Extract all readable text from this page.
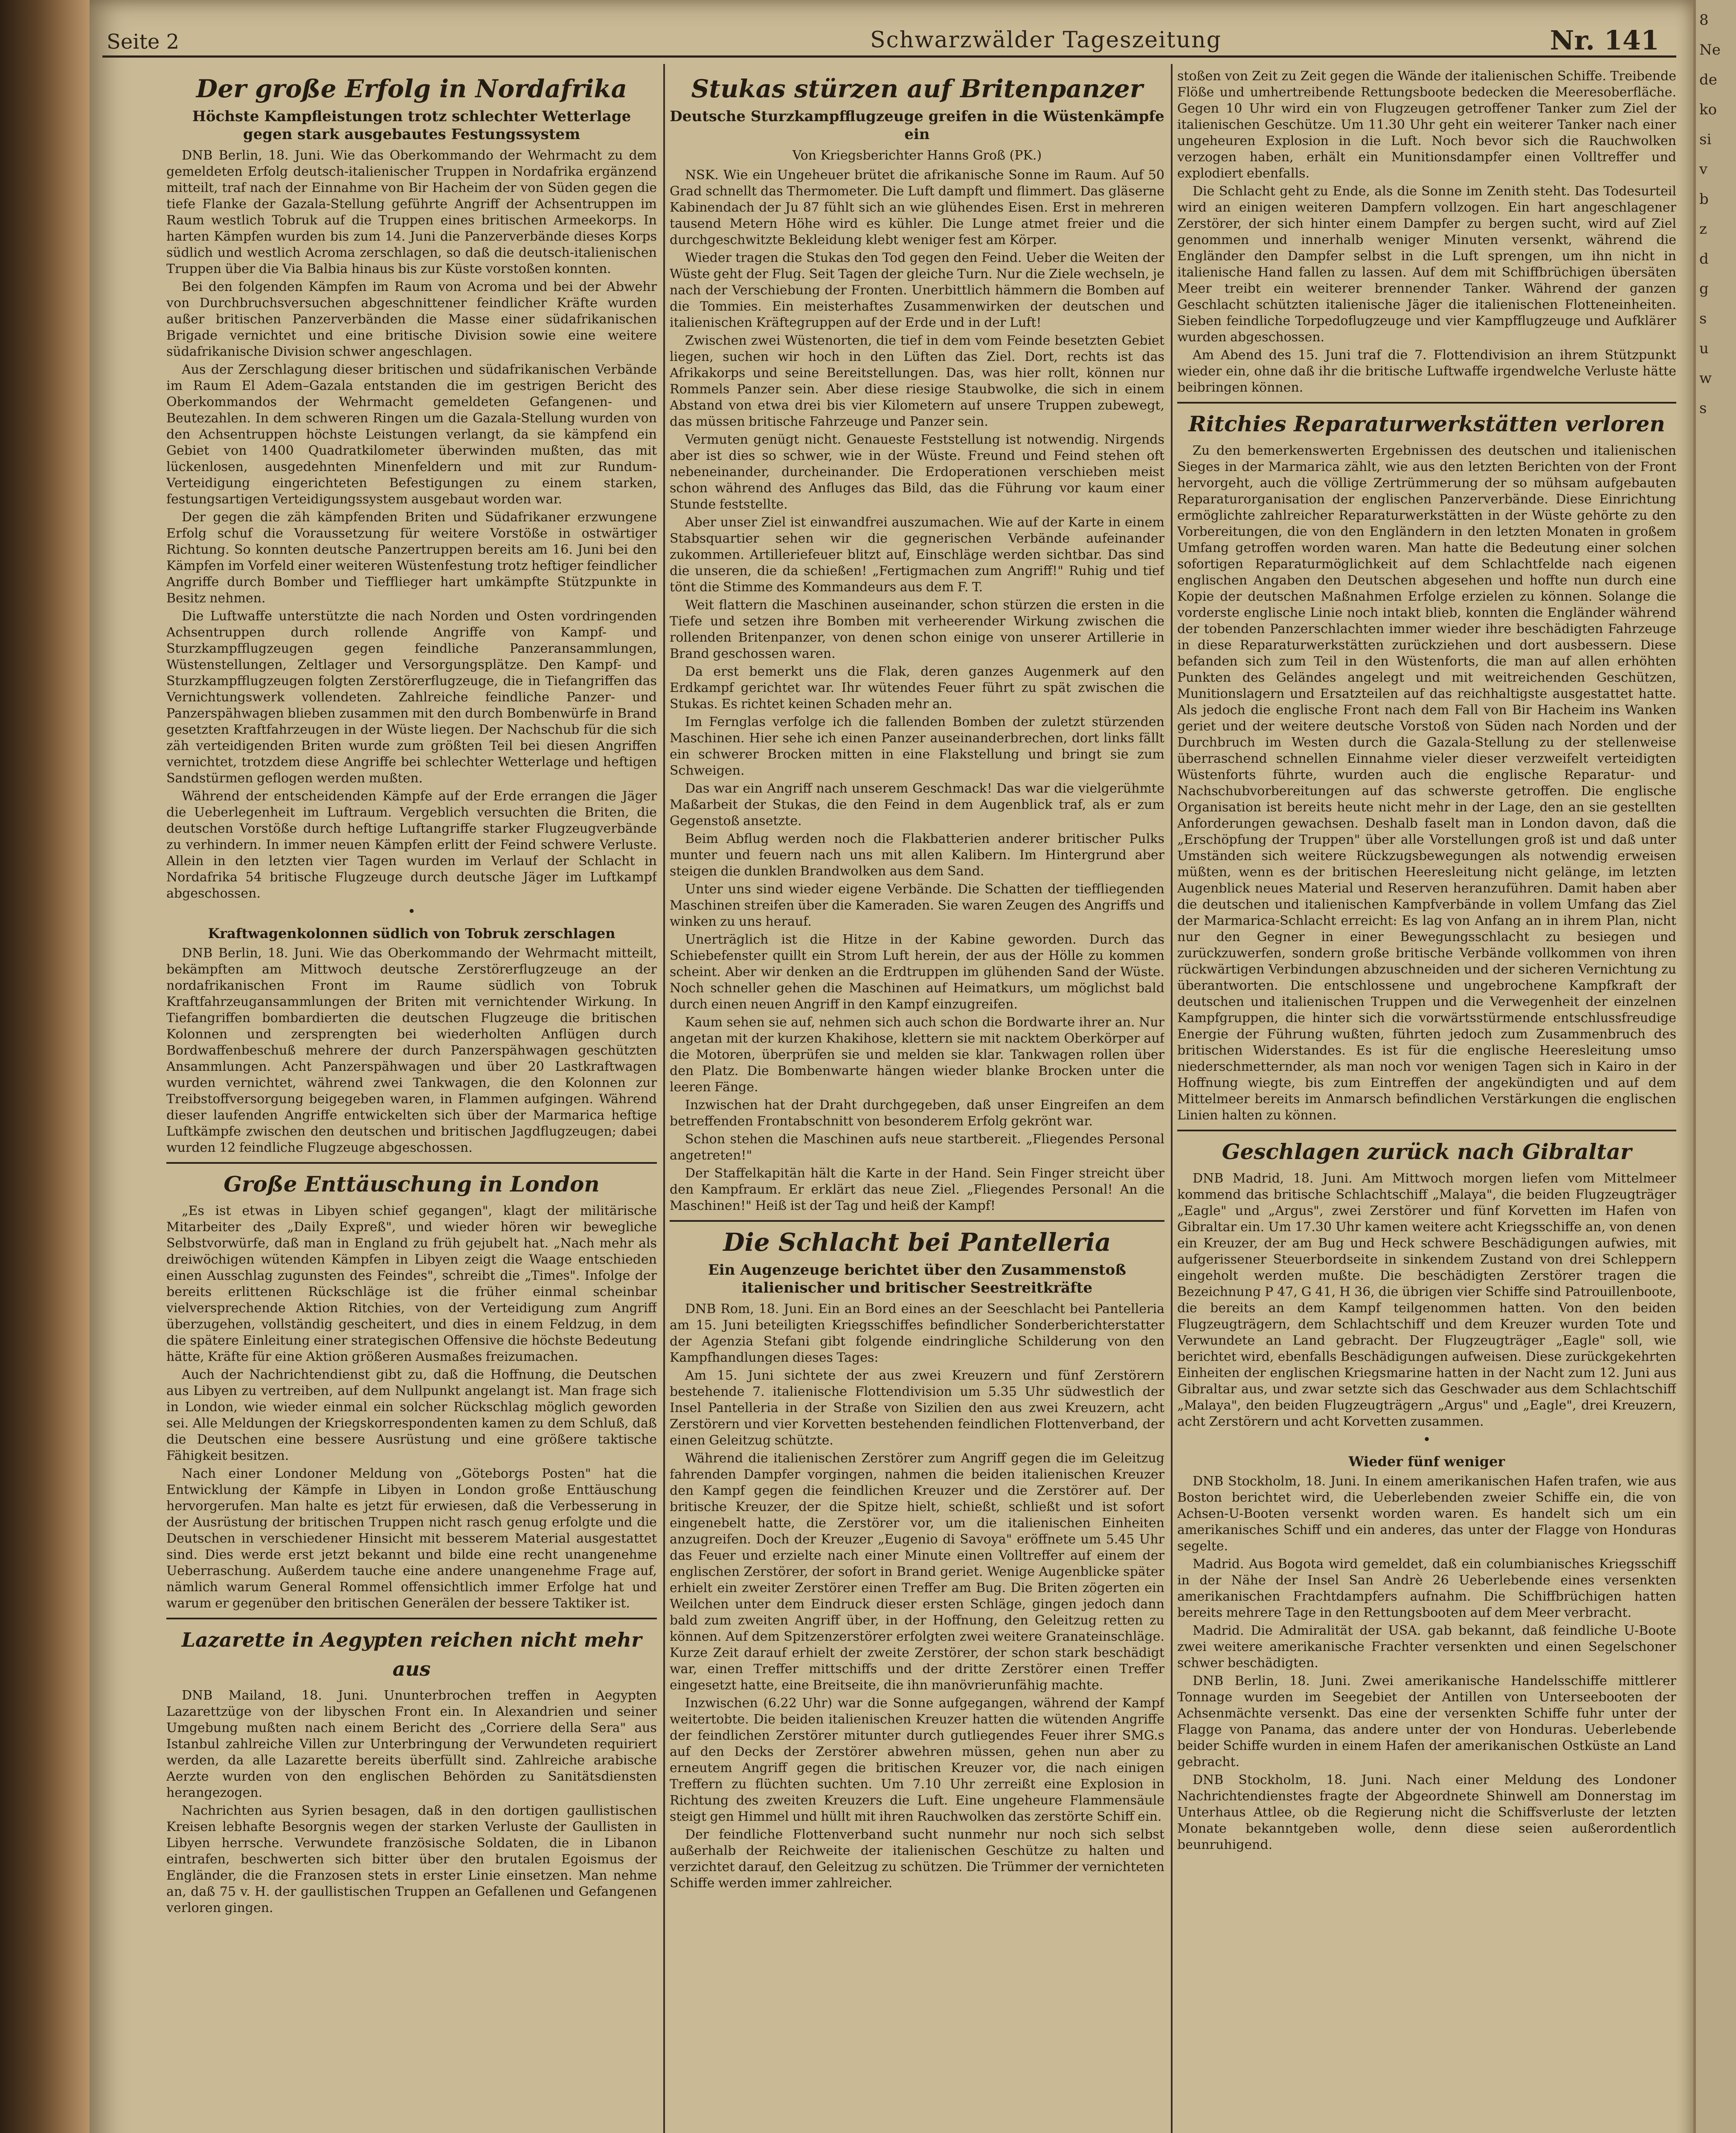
Seite 2	Schwarzwälder Tageszeitung	Nr. 141
Der große Erfolg in Nordafrika
Höchste Kampfleistungen trotz schlechter Wetterlage gegen stark ausgebautes Festungssystem

DNB Berlin, 18. Juni. Wie das Oberkommando der Wehrmacht zu dem gemeldeten Erfolg deutsch-italienischer Truppen in Nordafrika ergänzend mitteilt, traf nach der Einnahme von Bir Hacheim der von Süden gegen die tiefe Flanke der Gazala-Stellung geführte Angriff der Achsentruppen im Raum westlich Tobruk auf die Truppen eines britischen Armeekorps. In harten Kämpfen wurden bis zum 14. Juni die Panzerverbände dieses Korps südlich und westlich Acroma zerschlagen, so daß die deutsch-italienischen Truppen über die Via Balbia hinaus bis zur Küste vorstoßen konnten.

Bei den folgenden Kämpfen im Raum von Acroma und bei der Abwehr von Durchbruchsversuchen abgeschnittener feindlicher Kräfte wurden außer britischen Panzerverbänden die Masse einer südafrikanischen Brigade vernichtet und eine britische Division sowie eine weitere südafrikanische Division schwer angeschlagen.

Aus der Zerschlagung dieser britischen und südafrikanischen Verbände im Raum El Adem–Gazala entstanden die im gestrigen Bericht des Oberkommandos der Wehrmacht gemeldeten Gefangenen- und Beutezahlen. In dem schweren Ringen um die Gazala-Stellung wurden von den Achsentruppen höchste Leistungen verlangt, da sie kämpfend ein Gebiet von 1400 Quadratkilometer überwinden mußten, das mit lückenlosen, ausgedehnten Minenfeldern und mit zur Rundum-Verteidigung eingerichteten Befestigungen zu einem starken, festungsartigen Verteidigungssystem ausgebaut worden war.

Der gegen die zäh kämpfenden Briten und Südafrikaner erzwungene Erfolg schuf die Voraussetzung für weitere Vorstöße in ostwärtiger Richtung. So konnten deutsche Panzertruppen bereits am 16. Juni bei den Kämpfen im Vorfeld einer weiteren Wüstenfestung trotz heftiger feindlicher Angriffe durch Bomber und Tiefflieger hart umkämpfte Stützpunkte in Besitz nehmen.

Die Luftwaffe unterstützte die nach Norden und Osten vordringenden Achsentruppen durch rollende Angriffe von Kampf- und Sturzkampfflugzeugen gegen feindliche Panzeransammlungen, Wüstenstellungen, Zeltlager und Versorgungsplätze. Den Kampf- und Sturzkampfflugzeugen folgten Zerstörerflugzeuge, die in Tiefangriffen das Vernichtungswerk vollendeten. Zahlreiche feindliche Panzer- und Panzerspähwagen blieben zusammen mit den durch Bombenwürfe in Brand gesetzten Kraftfahrzeugen in der Wüste liegen. Der Nachschub für die sich zäh verteidigenden Briten wurde zum größten Teil bei diesen Angriffen vernichtet, trotzdem diese Angriffe bei schlechter Wetterlage und heftigen Sandstürmen geflogen werden mußten.

Während der entscheidenden Kämpfe auf der Erde errangen die Jäger die Ueberlegenheit im Luftraum. Vergeblich versuchten die Briten, die deutschen Vorstöße durch heftige Luftangriffe starker Flugzeugverbände zu verhindern. In immer neuen Kämpfen erlitt der Feind schwere Verluste. Allein in den letzten vier Tagen wurden im Verlauf der Schlacht in Nordafrika 54 britische Flugzeuge durch deutsche Jäger im Luftkampf abgeschossen.

•
Kraftwagenkolonnen südlich von Tobruk zerschlagen

DNB Berlin, 18. Juni. Wie das Oberkommando der Wehrmacht mitteilt, bekämpften am Mittwoch deutsche Zerstörerflugzeuge an der nordafrikanischen Front im Raume südlich von Tobruk Kraftfahrzeugansammlungen der Briten mit vernichtender Wirkung. In Tiefangriffen bombardierten die deutschen Flugzeuge die britischen Kolonnen und zersprengten bei wiederholten Anflügen durch Bordwaffenbeschuß mehrere der durch Panzerspähwagen geschützten Ansammlungen. Acht Panzerspähwagen und über 20 Lastkraftwagen wurden vernichtet, während zwei Tankwagen, die den Kolonnen zur Treibstoffversorgung beigegeben waren, in Flammen aufgingen. Während dieser laufenden Angriffe entwickelten sich über der Marmarica heftige Luftkämpfe zwischen den deutschen und britischen Jagdflugzeugen; dabei wurden 12 feindliche Flugzeuge abgeschossen.

Große Enttäuschung in London

„Es ist etwas in Libyen schief gegangen", klagt der militärische Mitarbeiter des „Daily Expreß", und wieder hören wir bewegliche Selbstvorwürfe, daß man in England zu früh gejubelt hat. „Nach mehr als dreiwöchigen wütenden Kämpfen in Libyen zeigt die Waage entschieden einen Ausschlag zugunsten des Feindes", schreibt die „Times". Infolge der bereits erlittenen Rückschläge ist die früher einmal scheinbar vielversprechende Aktion Ritchies, von der Verteidigung zum Angriff überzugehen, vollständig gescheitert, und dies in einem Feldzug, in dem die spätere Einleitung einer strategischen Offensive die höchste Bedeutung hätte, Kräfte für eine Aktion größeren Ausmaßes freizumachen.

Auch der Nachrichtendienst gibt zu, daß die Hoffnung, die Deutschen aus Libyen zu vertreiben, auf dem Nullpunkt angelangt ist. Man frage sich in London, wie wieder einmal ein solcher Rückschlag möglich geworden sei. Alle Meldungen der Kriegskorrespondenten kamen zu dem Schluß, daß die Deutschen eine bessere Ausrüstung und eine größere taktische Fähigkeit besitzen.

Nach einer Londoner Meldung von „Göteborgs Posten" hat die Entwicklung der Kämpfe in Libyen in London große Enttäuschung hervorgerufen. Man halte es jetzt für erwiesen, daß die Verbesserung in der Ausrüstung der britischen Truppen nicht rasch genug erfolgte und die Deutschen in verschiedener Hinsicht mit besserem Material ausgestattet sind. Dies werde erst jetzt bekannt und bilde eine recht unangenehme Ueberraschung. Außerdem tauche eine andere unangenehme Frage auf, nämlich warum General Rommel offensichtlich immer Erfolge hat und warum er gegenüber den britischen Generälen der bessere Taktiker ist.

Lazarette in Aegypten reichen nicht mehr aus

DNB Mailand, 18. Juni. Ununterbrochen treffen in Aegypten Lazarettzüge von der libyschen Front ein. In Alexandrien und seiner Umgebung mußten nach einem Bericht des „Corriere della Sera" aus Istanbul zahlreiche Villen zur Unterbringung der Verwundeten requiriert werden, da alle Lazarette bereits überfüllt sind. Zahlreiche arabische Aerzte wurden von den englischen Behörden zu Sanitätsdiensten herangezogen.

Nachrichten aus Syrien besagen, daß in den dortigen gaullistischen Kreisen lebhafte Besorgnis wegen der starken Verluste der Gaullisten in Libyen herrsche. Verwundete französische Soldaten, die in Libanon eintrafen, beschwerten sich bitter über den brutalen Egoismus der Engländer, die die Franzosen stets in erster Linie einsetzen. Man nehme an, daß 75 v. H. der gaullistischen Truppen an Gefallenen und Gefangenen verloren gingen.

Stukas stürzen auf Britenpanzer
Deutsche Sturzkampfflugzeuge greifen in die Wüstenkämpfe ein
Von Kriegsberichter Hanns Groß (PK.)

NSK. Wie ein Ungeheuer brütet die afrikanische Sonne im Raum. Auf 50 Grad schnellt das Thermometer. Die Luft dampft und flimmert. Das gläserne Kabinendach der Ju 87 fühlt sich an wie glühendes Eisen. Erst in mehreren tausend Metern Höhe wird es kühler. Die Lunge atmet freier und die durchgeschwitzte Bekleidung klebt weniger fest am Körper.

Wieder tragen die Stukas den Tod gegen den Feind. Ueber die Weiten der Wüste geht der Flug. Seit Tagen der gleiche Turn. Nur die Ziele wechseln, je nach der Verschiebung der Fronten. Unerbittlich hämmern die Bomben auf die Tommies. Ein meisterhaftes Zusammenwirken der deutschen und italienischen Kräftegruppen auf der Erde und in der Luft!

Zwischen zwei Wüstenorten, die tief in dem vom Feinde besetzten Gebiet liegen, suchen wir hoch in den Lüften das Ziel. Dort, rechts ist das Afrikakorps und seine Bereitstellungen. Das, was hier rollt, können nur Rommels Panzer sein. Aber diese riesige Staubwolke, die sich in einem Abstand von etwa drei bis vier Kilometern auf unsere Truppen zubewegt, das müssen britische Fahrzeuge und Panzer sein.

Vermuten genügt nicht. Genaueste Feststellung ist notwendig. Nirgends aber ist dies so schwer, wie in der Wüste. Freund und Feind stehen oft nebeneinander, durcheinander. Die Erdoperationen verschieben meist schon während des Anfluges das Bild, das die Führung vor kaum einer Stunde feststellte.

Aber unser Ziel ist einwandfrei auszumachen. Wie auf der Karte in einem Stabsquartier sehen wir die gegnerischen Verbände aufeinander zukommen. Artilleriefeuer blitzt auf, Einschläge werden sichtbar. Das sind die unseren, die da schießen! „Fertigmachen zum Angriff!" Ruhig und tief tönt die Stimme des Kommandeurs aus dem F. T.

Weit flattern die Maschinen auseinander, schon stürzen die ersten in die Tiefe und setzen ihre Bomben mit verheerender Wirkung zwischen die rollenden Britenpanzer, von denen schon einige von unserer Artillerie in Brand geschossen waren.

Da erst bemerkt uns die Flak, deren ganzes Augenmerk auf den Erdkampf gerichtet war. Ihr wütendes Feuer führt zu spät zwischen die Stukas. Es richtet keinen Schaden mehr an.

Im Fernglas verfolge ich die fallenden Bomben der zuletzt stürzenden Maschinen. Hier sehe ich einen Panzer auseinanderbrechen, dort links fällt ein schwerer Brocken mitten in eine Flakstellung und bringt sie zum Schweigen.

Das war ein Angriff nach unserem Geschmack! Das war die vielgerühmte Maßarbeit der Stukas, die den Feind in dem Augenblick traf, als er zum Gegenstoß ansetzte.

Beim Abflug werden noch die Flakbatterien anderer britischer Pulks munter und feuern nach uns mit allen Kalibern. Im Hintergrund aber steigen die dunklen Brandwolken aus dem Sand.

Unter uns sind wieder eigene Verbände. Die Schatten der tieffliegenden Maschinen streifen über die Kameraden. Sie waren Zeugen des Angriffs und winken zu uns herauf.

Unerträglich ist die Hitze in der Kabine geworden. Durch das Schiebefenster quillt ein Strom Luft herein, der aus der Hölle zu kommen scheint. Aber wir denken an die Erdtruppen im glühenden Sand der Wüste. Noch schneller gehen die Maschinen auf Heimatkurs, um möglichst bald durch einen neuen Angriff in den Kampf einzugreifen.

Kaum sehen sie auf, nehmen sich auch schon die Bordwarte ihrer an. Nur angetan mit der kurzen Khakihose, klettern sie mit nacktem Oberkörper auf die Motoren, überprüfen sie und melden sie klar. Tankwagen rollen über den Platz. Die Bombenwarte hängen wieder blanke Brocken unter die leeren Fänge.

Inzwischen hat der Draht durchgegeben, daß unser Eingreifen an dem betreffenden Frontabschnitt von besonderem Erfolg gekrönt war.

Schon stehen die Maschinen aufs neue startbereit. „Fliegendes Personal angetreten!"

Der Staffelkapitän hält die Karte in der Hand. Sein Finger streicht über den Kampfraum. Er erklärt das neue Ziel. „Fliegendes Personal! An die Maschinen!" Heiß ist der Tag und heiß der Kampf!

Die Schlacht bei Pantelleria
Ein Augenzeuge berichtet über den Zusammenstoß italienischer und britischer Seestreitkräfte

DNB Rom, 18. Juni. Ein an Bord eines an der Seeschlacht bei Pantelleria am 15. Juni beteiligten Kriegsschiffes befindlicher Sonderberichterstatter der Agenzia Stefani gibt folgende eindringliche Schilderung von den Kampfhandlungen dieses Tages:

Am 15. Juni sichtete der aus zwei Kreuzern und fünf Zerstörern bestehende 7. italienische Flottendivision um 5.35 Uhr südwestlich der Insel Pantelleria in der Straße von Sizilien den aus zwei Kreuzern, acht Zerstörern und vier Korvetten bestehenden feindlichen Flottenverband, der einen Geleitzug schützte.

Während die italienischen Zerstörer zum Angriff gegen die im Geleitzug fahrenden Dampfer vorgingen, nahmen die beiden italienischen Kreuzer den Kampf gegen die feindlichen Kreuzer und die Zerstörer auf. Der britische Kreuzer, der die Spitze hielt, schießt, schließt und ist sofort eingenebelt hatte, die Zerstörer vor, um die italienischen Einheiten anzugreifen. Doch der Kreuzer „Eugenio di Savoya" eröffnete um 5.45 Uhr das Feuer und erzielte nach einer Minute einen Volltreffer auf einem der englischen Zerstörer, der sofort in Brand geriet. Wenige Augenblicke später erhielt ein zweiter Zerstörer einen Treffer am Bug. Die Briten zögerten ein Weilchen unter dem Eindruck dieser ersten Schläge, gingen jedoch dann bald zum zweiten Angriff über, in der Hoffnung, den Geleitzug retten zu können. Auf dem Spitzenzerstörer erfolgten zwei weitere Granateinschläge. Kurze Zeit darauf erhielt der zweite Zerstörer, der schon stark beschädigt war, einen Treffer mittschiffs und der dritte Zerstörer einen Treffer eingesetzt hatte, eine Breitseite, die ihn manövrierunfähig machte.

Inzwischen (6.22 Uhr) war die Sonne aufgegangen, während der Kampf weitertobte. Die beiden italienischen Kreuzer hatten die wütenden Angriffe der feindlichen Zerstörer mitunter durch gutliegendes Feuer ihrer SMG.s auf den Decks der Zerstörer abwehren müssen, gehen nun aber zu erneutem Angriff gegen die britischen Kreuzer vor, die nach einigen Treffern zu flüchten suchten. Um 7.10 Uhr zerreißt eine Explosion in Richtung des zweiten Kreuzers die Luft. Eine ungeheure Flammensäule steigt gen Himmel und hüllt mit ihren Rauchwolken das zerstörte Schiff ein.

Der feindliche Flottenverband sucht nunmehr nur noch sich selbst außerhalb der Reichweite der italienischen Geschütze zu halten und verzichtet darauf, den Geleitzug zu schützen. Die Trümmer der vernichteten Schiffe werden immer zahlreicher.

stoßen von Zeit zu Zeit gegen die Wände der italienischen Schiffe. Treibende Flöße und umhertreibende Rettungsboote bedecken die Meeresoberfläche. Gegen 10 Uhr wird ein von Flugzeugen getroffener Tanker zum Ziel der italienischen Geschütze. Um 11.30 Uhr geht ein weiterer Tanker nach einer ungeheuren Explosion in die Luft. Noch bevor sich die Rauchwolken verzogen haben, erhält ein Munitionsdampfer einen Volltreffer und explodiert ebenfalls.

Die Schlacht geht zu Ende, als die Sonne im Zenith steht. Das Todesurteil wird an einigen weiteren Dampfern vollzogen. Ein hart angeschlagener Zerstörer, der sich hinter einem Dampfer zu bergen sucht, wird auf Ziel genommen und innerhalb weniger Minuten versenkt, während die Engländer den Dampfer selbst in die Luft sprengen, um ihn nicht in italienische Hand fallen zu lassen. Auf dem mit Schiffbrüchigen übersäten Meer treibt ein weiterer brennender Tanker. Während der ganzen Geschlacht schützten italienische Jäger die italienischen Flotteneinheiten. Sieben feindliche Torpedoflugzeuge und vier Kampfflugzeuge und Aufklärer wurden abgeschossen.

Am Abend des 15. Juni traf die 7. Flottendivision an ihrem Stützpunkt wieder ein, ohne daß ihr die britische Luftwaffe irgendwelche Verluste hätte beibringen können.

Ritchies Reparaturwerkstätten verloren

Zu den bemerkenswerten Ergebnissen des deutschen und italienischen Sieges in der Marmarica zählt, wie aus den letzten Berichten von der Front hervorgeht, auch die völlige Zertrümmerung der so mühsam aufgebauten Reparaturorganisation der englischen Panzerverbände. Diese Einrichtung ermöglichte zahlreicher Reparaturwerkstätten in der Wüste gehörte zu den Vorbereitungen, die von den Engländern in den letzten Monaten in großem Umfang getroffen worden waren. Man hatte die Bedeutung einer solchen sofortigen Reparaturmöglichkeit auf dem Schlachtfelde nach eigenen englischen Angaben den Deutschen abgesehen und hoffte nun durch eine Kopie der deutschen Maßnahmen Erfolge erzielen zu können. Solange die vorderste englische Linie noch intakt blieb, konnten die Engländer während der tobenden Panzerschlachten immer wieder ihre beschädigten Fahrzeuge in diese Reparaturwerkstätten zurückziehen und dort ausbessern. Diese befanden sich zum Teil in den Wüstenforts, die man auf allen erhöhten Punkten des Geländes angelegt und mit weitreichenden Geschützen, Munitionslagern und Ersatzteilen auf das reichhaltigste ausgestattet hatte. Als jedoch die englische Front nach dem Fall von Bir Hacheim ins Wanken geriet und der weitere deutsche Vorstoß von Süden nach Norden und der Durchbruch im Westen durch die Gazala-Stellung zu der stellenweise überraschend schnellen Einnahme vieler dieser verzweifelt verteidigten Wüstenforts führte, wurden auch die englische Reparatur- und Nachschubvorbereitungen auf das schwerste getroffen. Die englische Organisation ist bereits heute nicht mehr in der Lage, den an sie gestellten Anforderungen gewachsen. Deshalb faselt man in London davon, daß die „Erschöpfung der Truppen" über alle Vorstellungen groß ist und daß unter Umständen sich weitere Rückzugsbewegungen als notwendig erweisen müßten, wenn es der britischen Heeresleitung nicht gelänge, im letzten Augenblick neues Material und Reserven heranzuführen. Damit haben aber die deutschen und italienischen Kampfverbände in vollem Umfang das Ziel der Marmarica-Schlacht erreicht: Es lag von Anfang an in ihrem Plan, nicht nur den Gegner in einer Bewegungsschlacht zu besiegen und zurückzuwerfen, sondern große britische Verbände vollkommen von ihren rückwärtigen Verbindungen abzuschneiden und der sicheren Vernichtung zu überantworten. Die entschlossene und ungebrochene Kampfkraft der deutschen und italienischen Truppen und die Verwegenheit der einzelnen Kampfgruppen, die hinter sich die vorwärtsstürmende entschlussfreudige Energie der Führung wußten, führten jedoch zum Zusammenbruch des britischen Widerstandes. Es ist für die englische Heeresleitung umso niederschmetternder, als man noch vor wenigen Tagen sich in Kairo in der Hoffnung wiegte, bis zum Eintreffen der angekündigten und auf dem Mittelmeer bereits im Anmarsch befindlichen Verstärkungen die englischen Linien halten zu können.

Geschlagen zurück nach Gibraltar

DNB Madrid, 18. Juni. Am Mittwoch morgen liefen vom Mittelmeer kommend das britische Schlachtschiff „Malaya", die beiden Flugzeugträger „Eagle" und „Argus", zwei Zerstörer und fünf Korvetten im Hafen von Gibraltar ein. Um 17.30 Uhr kamen weitere acht Kriegsschiffe an, von denen ein Kreuzer, der am Bug und Heck schwere Beschädigungen aufwies, mit aufgerissener Steuerbordseite in sinkendem Zustand von drei Schleppern eingeholt werden mußte. Die beschädigten Zerstörer tragen die Bezeichnung P 47, G 41, H 36, die übrigen vier Schiffe sind Patrouillenboote, die bereits an dem Kampf teilgenommen hatten. Von den beiden Flugzeugträgern, dem Schlachtschiff und dem Kreuzer wurden Tote und Verwundete an Land gebracht. Der Flugzeugträger „Eagle" soll, wie berichtet wird, ebenfalls Beschädigungen aufweisen. Diese zurückgekehrten Einheiten der englischen Kriegsmarine hatten in der Nacht zum 12. Juni aus Gibraltar aus, und zwar setzte sich das Geschwader aus dem Schlachtschiff „Malaya", den beiden Flugzeugträgern „Argus" und „Eagle", drei Kreuzern, acht Zerstörern und acht Korvetten zusammen.

•
Wieder fünf weniger

DNB Stockholm, 18. Juni. In einem amerikanischen Hafen trafen, wie aus Boston berichtet wird, die Ueberlebenden zweier Schiffe ein, die von Achsen-U-Booten versenkt worden waren. Es handelt sich um ein amerikanisches Schiff und ein anderes, das unter der Flagge von Honduras segelte.

Madrid. Aus Bogota wird gemeldet, daß ein columbianisches Kriegsschiff in der Nähe der Insel San Andrè 26 Ueberlebende eines versenkten amerikanischen Frachtdampfers aufnahm. Die Schiffbrüchigen hatten bereits mehrere Tage in den Rettungsbooten auf dem Meer verbracht.

Madrid. Die Admiralität der USA. gab bekannt, daß feindliche U-Boote zwei weitere amerikanische Frachter versenkten und einen Segelschoner schwer beschädigten.

DNB Berlin, 18. Juni. Zwei amerikanische Handelsschiffe mittlerer Tonnage wurden im Seegebiet der Antillen von Unterseebooten der Achsenmächte versenkt. Das eine der versenkten Schiffe fuhr unter der Flagge von Panama, das andere unter der von Honduras. Ueberlebende beider Schiffe wurden in einem Hafen der amerikanischen Ostküste an Land gebracht.

DNB Stockholm, 18. Juni. Nach einer Meldung des Londoner Nachrichtendienstes fragte der Abgeordnete Shinwell am Donnerstag im Unterhaus Attlee, ob die Regierung nicht die Schiffsverluste der letzten Monate bekanntgeben wolle, denn diese seien außerordentlich beunruhigend.

8
Ne
de
ko
si
v
b
z
d
g
s
u
w
s
